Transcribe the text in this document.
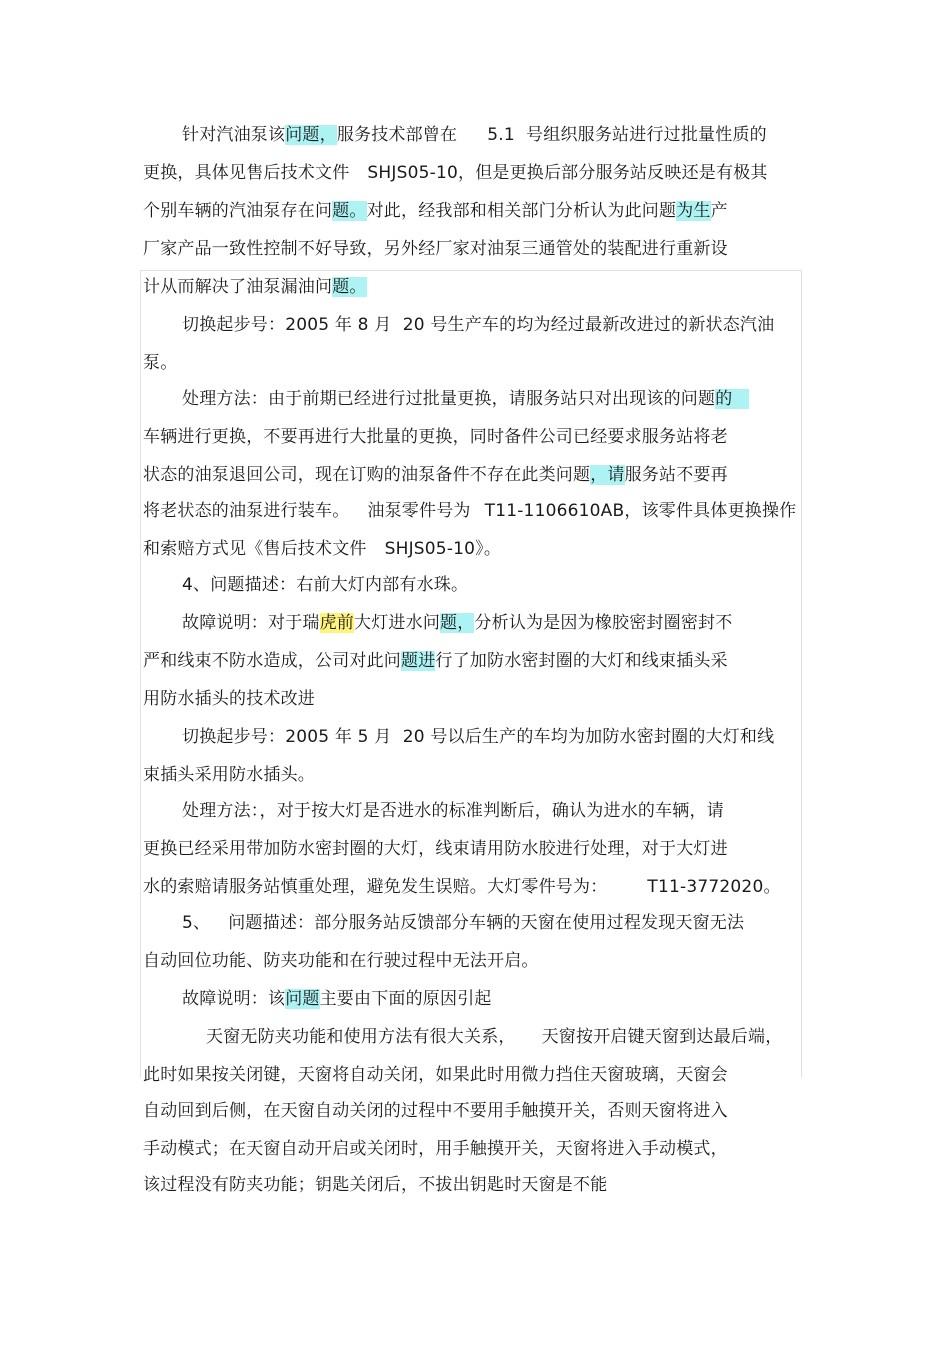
针对汽油泵该问题，服务技术部曾在 5.1  号组织服务站进行过批量性质的
更换，具体见售后技术文件 SHJS05-10，但是更换后部分服务站反映还是有极其
个别车辆的汽油泵存在问题。对此，经我部和相关部门分析认为此问题为生产
厂家产品一致性控制不好导致，另外经厂家对油泵三通管处的装配进行重新设
计从而解决了油泵漏油问题。
切换起步号：2005 年 8 月  20 号生产车的均为经过最新改进过的新状态汽油
泵。
处理方法：由于前期已经进行过批量更换，请服务站只对出现该的问题的
车辆进行更换，不要再进行大批量的更换，同时备件公司已经要求服务站将老
状态的油泵退回公司，现在订购的油泵备件不存在此类问题，请服务站不要再
将老状态的油泵进行装车。 油泵零件号为 T11-1106610AB，该零件具体更换操作
和索赔方式见《售后技术文件 SHJS05-10》。
4、问题描述：右前大灯内部有水珠。
故障说明：对于瑞虎前大灯进水问题，分析认为是因为橡胶密封圈密封不
严和线束不防水造成，公司对此问题进行了加防水密封圈的大灯和线束插头采
用防水插头的技术改进
切换起步号：2005 年 5 月  20 号以后生产的车均为加防水密封圈的大灯和线
束插头采用防水插头。
处理方法：，对于按大灯是否进水的标准判断后，确认为进水的车辆，请
更换已经采用带加防水密封圈的大灯，线束请用防水胶进行处理，对于大灯进
水的索赔请服务站慎重处理，避免发生误赔。大灯零件号为： T11-3772020。
5、 问题描述：部分服务站反馈部分车辆的天窗在使用过程发现天窗无法
自动回位功能、防夹功能和在行驶过程中无法开启。
故障说明：该问题主要由下面的原因引起
天窗无防夹功能和使用方法有很大关系， 天窗按开启键天窗到达最后端，
此时如果按关闭键，天窗将自动关闭，如果此时用微力挡住天窗玻璃，天窗会
自动回到后侧，在天窗自动关闭的过程中不要用手触摸开关，否则天窗将进入
手动模式；在天窗自动开启或关闭时，用手触摸开关，天窗将进入手动模式，
该过程没有防夹功能；钥匙关闭后，不拔出钥匙时天窗是不能
